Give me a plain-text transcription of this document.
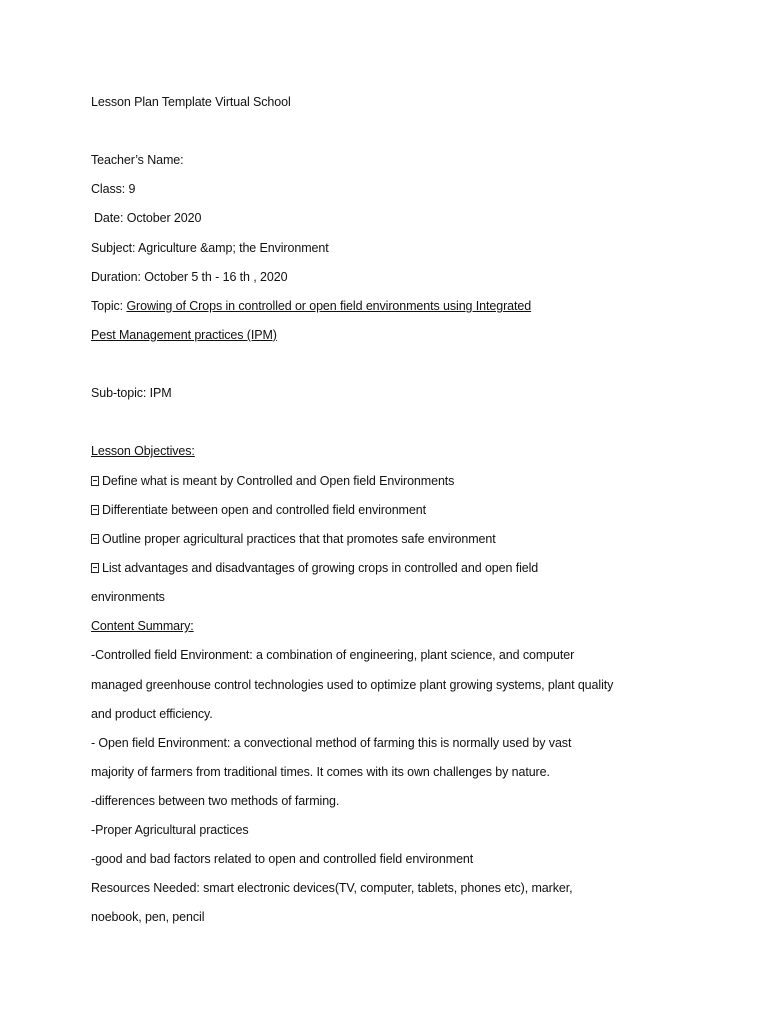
Lesson Plan Template Virtual School
Teacher’s Name:
Class: 9
Date: October 2020
Subject: Agriculture &amp; the Environment
Duration: October 5 th - 16 th , 2020
Topic: Growing of Crops in controlled or open field environments using Integrated
Pest Management practices (IPM)
Sub-topic: IPM
Lesson Objectives:
Define what is meant by Controlled and Open field Environments
Differentiate between open and controlled field environment
Outline proper agricultural practices that that promotes safe environment
List advantages and disadvantages of growing crops in controlled and open field
environments
Content Summary:
-Controlled field Environment: a combination of engineering, plant science, and computer
managed greenhouse control technologies used to optimize plant growing systems, plant quality
and product efficiency.
- Open field Environment: a convectional method of farming this is normally used by vast
majority of farmers from traditional times. It comes with its own challenges by nature.
-differences between two methods of farming.
-Proper Agricultural practices
-good and bad factors related to open and controlled field environment
Resources Needed: smart electronic devices(TV, computer, tablets, phones etc), marker,
noebook, pen, pencil
